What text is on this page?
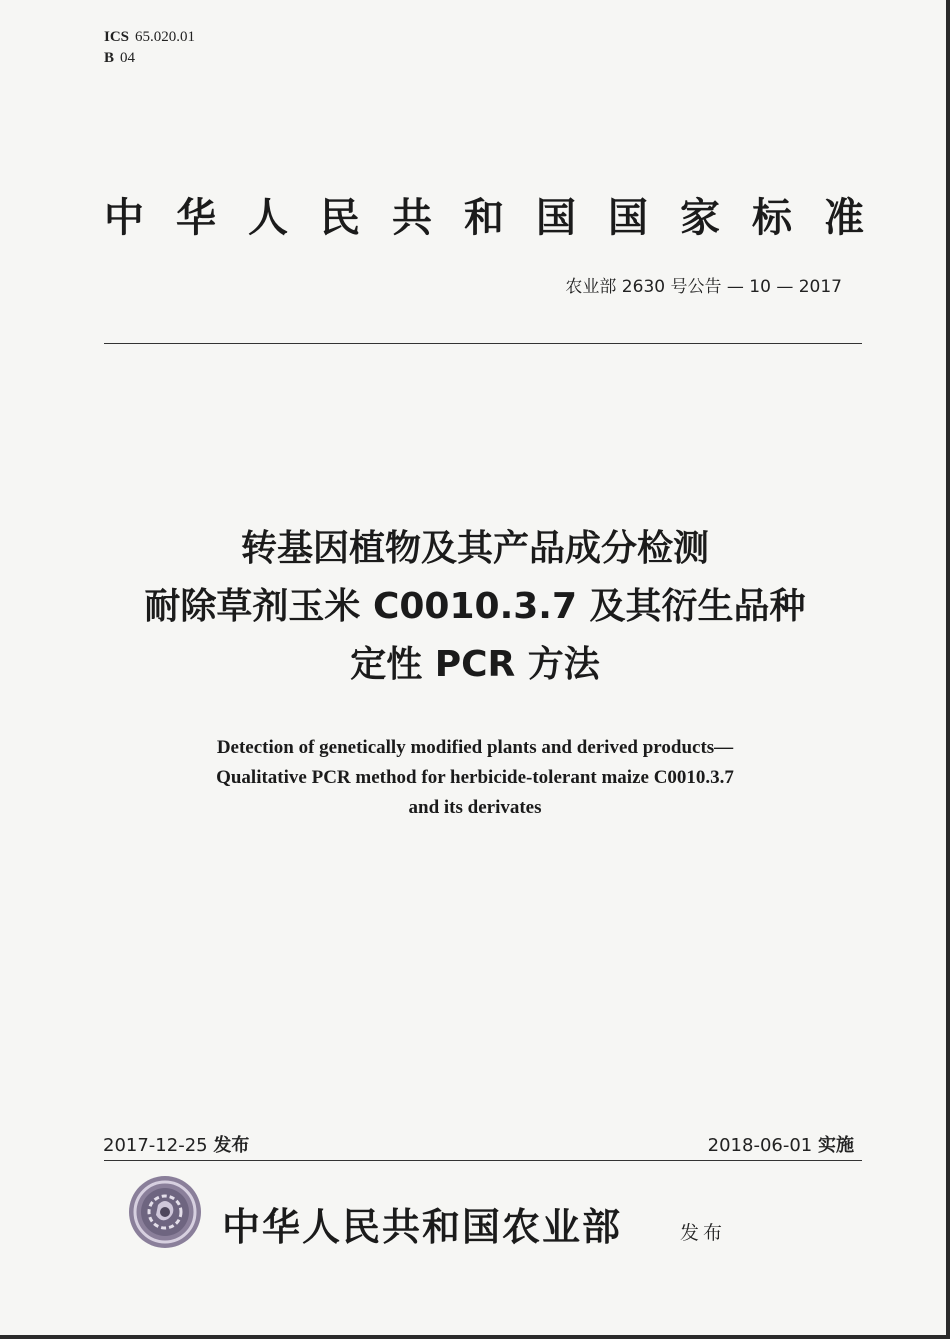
ICS 65.020.01
B 04
中华人民共和国国家标准
农业部 2630 号公告 — 10 — 2017
转基因植物及其产品成分检测
耐除草剂玉米 C0010.3.7 及其衍生品种
定性 PCR 方法
Detection of genetically modified plants and derived products—
Qualitative PCR method for herbicide-tolerant maize C0010.3.7
and its derivates
2017-12-25 发布	2018-06-01 实施
中华人民共和国农业部	发布
